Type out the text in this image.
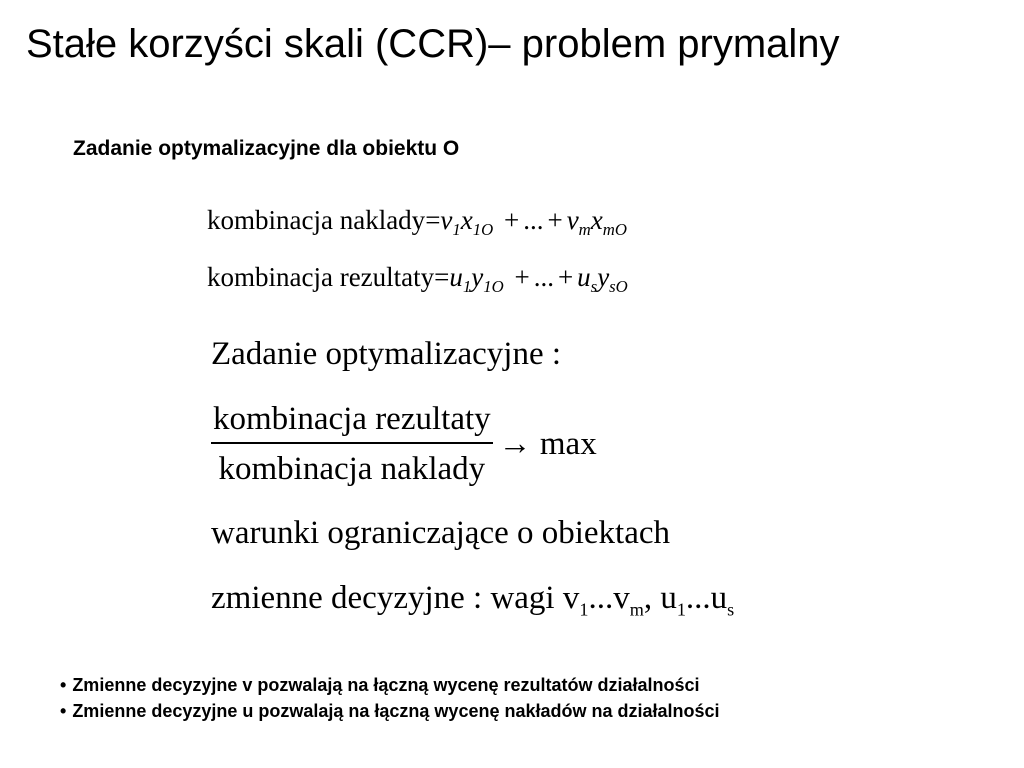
Stałe korzyści skali (CCR)– problem prymalny
Zadanie optymalizacyjne dla obiektu O
kombinacja $naklady=v_1x_{1O}$ + ... + $v_mx_{mO}$
kombinacja $rezultaty=u_1y_{1O}$ + ... + $u_sy_{sO}$
Zadanie optymalizacyjne :
$\frac{\text{kombinacja rezultaty}}{\text{kombinacja naklady}} \to \max$
warunki ograniczające o obiektach
zmienne decyzyjne : wagi $v_1...v_m$, $u_1...u_s$
• Zmienne decyzyjne v pozwalają na łączną wycenę rezultatów działalności
• Zmienne decyzyjne u pozwalają na łączną wycenę nakładów na działalności
